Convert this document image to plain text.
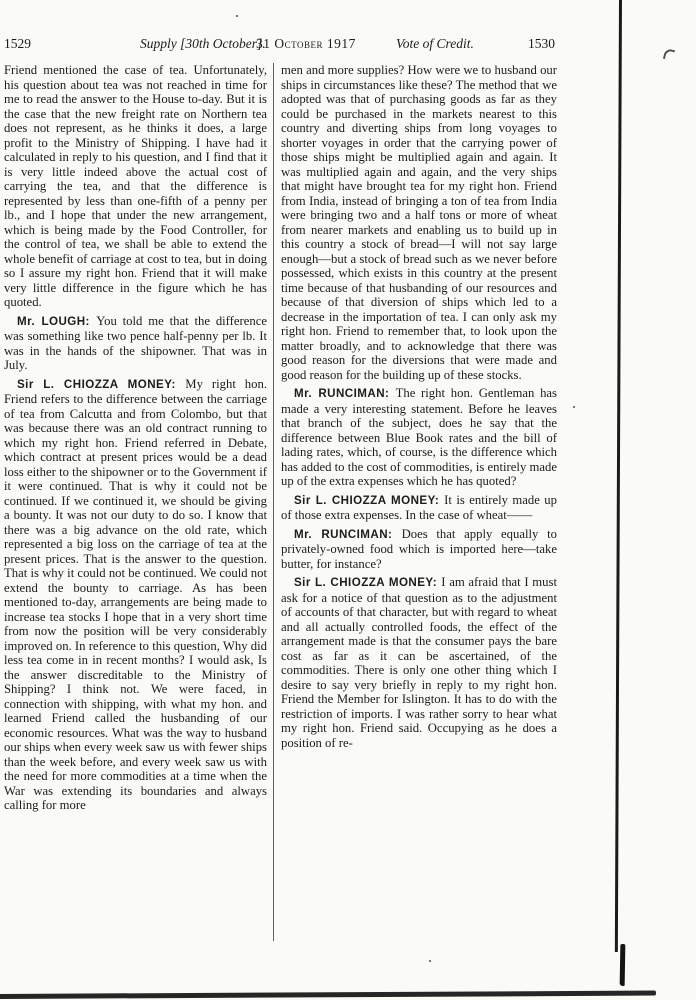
1529	Supply [30th October].
31 October 1917	Vote of Credit.	1530

Friend mentioned the case of tea. Unfortunately, his question about tea was not reached in time for me to read the answer to the House to-day. But it is the case that the new freight rate on Northern tea does not represent, as he thinks it does, a large profit to the Ministry of Shipping. I have had it calculated in reply to his question, and I find that it is very little indeed above the actual cost of carrying the tea, and that the difference is represented by less than one-fifth of a penny per lb., and I hope that under the new arrangement, which is being made by the Food Controller, for the control of tea, we shall be able to extend the whole benefit of carriage at cost to tea, but in doing so I assure my right hon. Friend that it will make very little difference in the figure which he has quoted.

Mr. LOUGH: You told me that the difference was something like two pence half-penny per lb. It was in the hands of the shipowner. That was in July.

Sir L. CHIOZZA MONEY: My right hon. Friend refers to the difference between the carriage of tea from Calcutta and from Colombo, but that was because there was an old contract running to which my right hon. Friend referred in Debate, which contract at present prices would be a dead loss either to the shipowner or to the Government if it were continued. That is why it could not be continued. If we continued it, we should be giving a bounty. It was not our duty to do so. I know that there was a big advance on the old rate, which represented a big loss on the carriage of tea at the present prices. That is the answer to the question. That is why it could not be continued. We could not extend the bounty to carriage. As has been mentioned to-day, arrangements are being made to increase tea stocks I hope that in a very short time from now the position will be very considerably improved on. In reference to this question, Why did less tea come in in recent months? I would ask, Is the answer discreditable to the Ministry of Shipping? I think not. We were faced, in connection with shipping, with what my hon. and learned Friend called the husbanding of our economic resources. What was the way to husband our ships when every week saw us with fewer ships than the week before, and every week saw us with the need for more commodities at a time when the War was extending its boundaries and always calling for more

men and more supplies? How were we to husband our ships in circumstances like these? The method that we adopted was that of purchasing goods as far as they could be purchased in the markets nearest to this country and diverting ships from long voyages to shorter voyages in order that the carrying power of those ships might be multiplied again and again. It was multiplied again and again, and the very ships that might have brought tea for my right hon. Friend from India, instead of bringing a ton of tea from India were bringing two and a half tons or more of wheat from nearer markets and enabling us to build up in this country a stock of bread—I will not say large enough—but a stock of bread such as we never before possessed, which exists in this country at the present time because of that husbanding of our resources and because of that diversion of ships which led to a decrease in the importation of tea. I can only ask my right hon. Friend to remember that, to look upon the matter broadly, and to acknowledge that there was good reason for the diversions that were made and good reason for the building up of these stocks.

Mr. RUNCIMAN: The right hon. Gentleman has made a very interesting statement. Before he leaves that branch of the subject, does he say that the difference between Blue Book rates and the bill of lading rates, which, of course, is the difference which has added to the cost of commodities, is entirely made up of the extra expenses which he has quoted?

Sir L. CHIOZZA MONEY: It is entirely made up of those extra expenses. In the case of wheat——

Mr. RUNCIMAN: Does that apply equally to privately-owned food which is imported here—take butter, for instance?

Sir L. CHIOZZA MONEY: I am afraid that I must ask for a notice of that question as to the adjustment of accounts of that character, but with regard to wheat and all actually controlled foods, the effect of the arrangement made is that the consumer pays the bare cost as far as it can be ascertained, of the commodities. There is only one other thing which I desire to say very briefly in reply to my right hon. Friend the Member for Islington. It has to do with the restriction of imports. I was rather sorry to hear what my right hon. Friend said. Occupying as he does a position of re-
